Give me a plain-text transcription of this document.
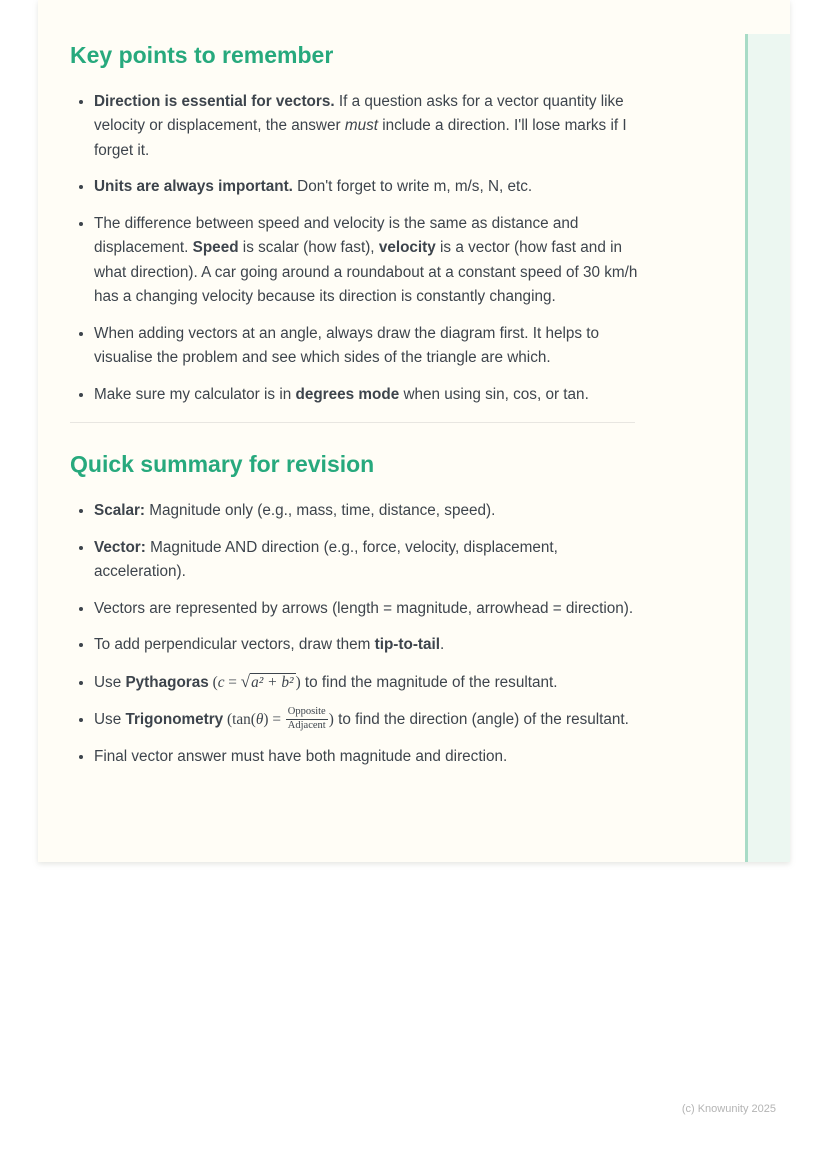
Key points to remember
• Direction is essential for vectors. If a question asks for a vector quantity like velocity or displacement, the answer must include a direction. I'll lose marks if I forget it.
• Units are always important. Don't forget to write m, m/s, N, etc.
• The difference between speed and velocity is the same as distance and displacement. Speed is scalar (how fast), velocity is a vector (how fast and in what direction). A car going around a roundabout at a constant speed of 30 km/h has a changing velocity because its direction is constantly changing.
• When adding vectors at an angle, always draw the diagram first. It helps to visualise the problem and see which sides of the triangle are which.
• Make sure my calculator is in degrees mode when using sin, cos, or tan.
Quick summary for revision
• Scalar: Magnitude only (e.g., mass, time, distance, speed).
• Vector: Magnitude AND direction (e.g., force, velocity, displacement, acceleration).
• Vectors are represented by arrows (length = magnitude, arrowhead = direction).
• To add perpendicular vectors, draw them tip-to-tail.
• Use Pythagoras (c = √a² + b² ) to find the magnitude of the resultant.
• Use Trigonometry ($\tan(\theta) = \frac{\text{Opposite}}{\text{Adjacent}}$ ) to find the direction (angle) of the resultant.
• Final vector answer must have both magnitude and direction.
(c) Knowunity 2025
